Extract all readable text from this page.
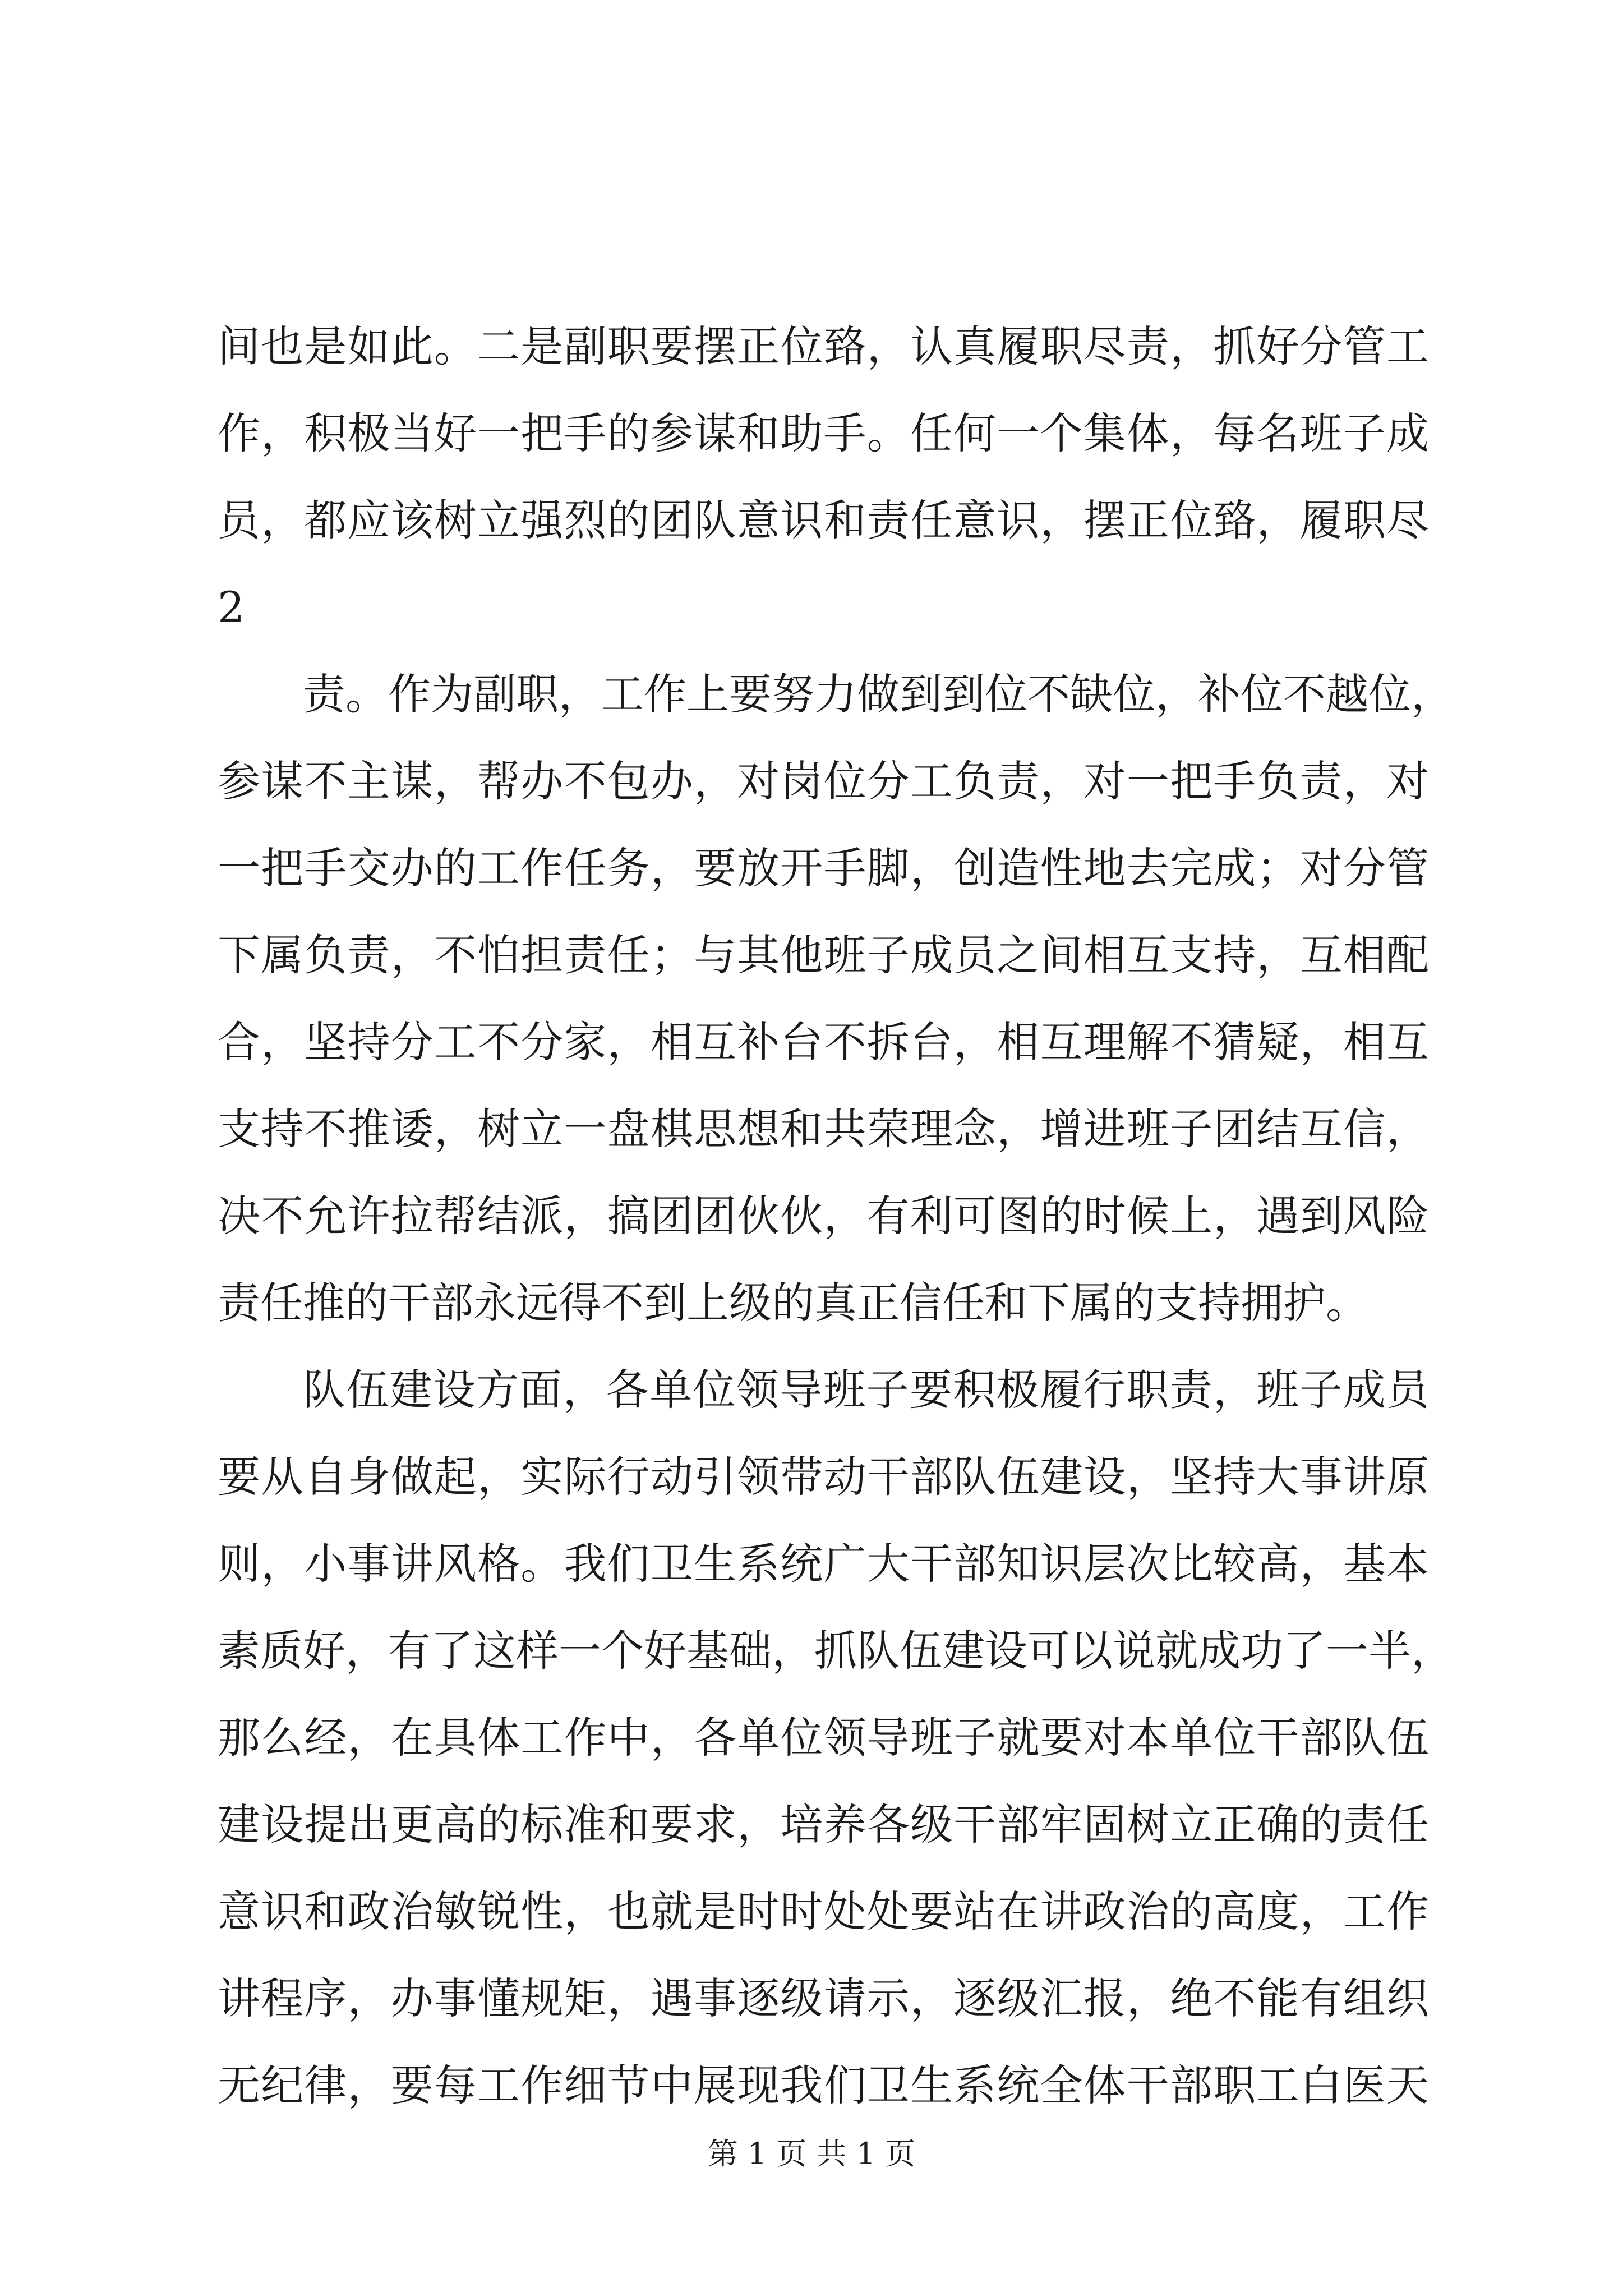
间也是如此。二是副职要摆正位臵，认真履职尽责，抓好分管工
作，积极当好一把手的参谋和助手。任何一个集体，每名班子成
员，都应该树立强烈的团队意识和责任意识，摆正位臵，履职尽
2
责。作为副职，工作上要努力做到到位不缺位，补位不越位，
参谋不主谋，帮办不包办，对岗位分工负责，对一把手负责，对
一把手交办的工作任务，要放开手脚，创造性地去完成；对分管
下属负责，不怕担责任；与其他班子成员之间相互支持，互相配
合，坚持分工不分家，相互补台不拆台，相互理解不猜疑，相互
支持不推诿，树立一盘棋思想和共荣理念，增进班子团结互信，
决不允许拉帮结派，搞团团伙伙，有利可图的时候上，遇到风险
责任推的干部永远得不到上级的真正信任和下属的支持拥护。
队伍建设方面，各单位领导班子要积极履行职责，班子成员
要从自身做起，实际行动引领带动干部队伍建设，坚持大事讲原
则，小事讲风格。我们卫生系统广大干部知识层次比较高，基本
素质好，有了这样一个好基础，抓队伍建设可以说就成功了一半，
那么经，在具体工作中，各单位领导班子就要对本单位干部队伍
建设提出更高的标准和要求，培养各级干部牢固树立正确的责任
意识和政治敏锐性，也就是时时处处要站在讲政治的高度，工作
讲程序，办事懂规矩，遇事逐级请示，逐级汇报，绝不能有组织
无纪律，要每工作细节中展现我们卫生系统全体干部职工白医天
第 1 页 共 1 页
